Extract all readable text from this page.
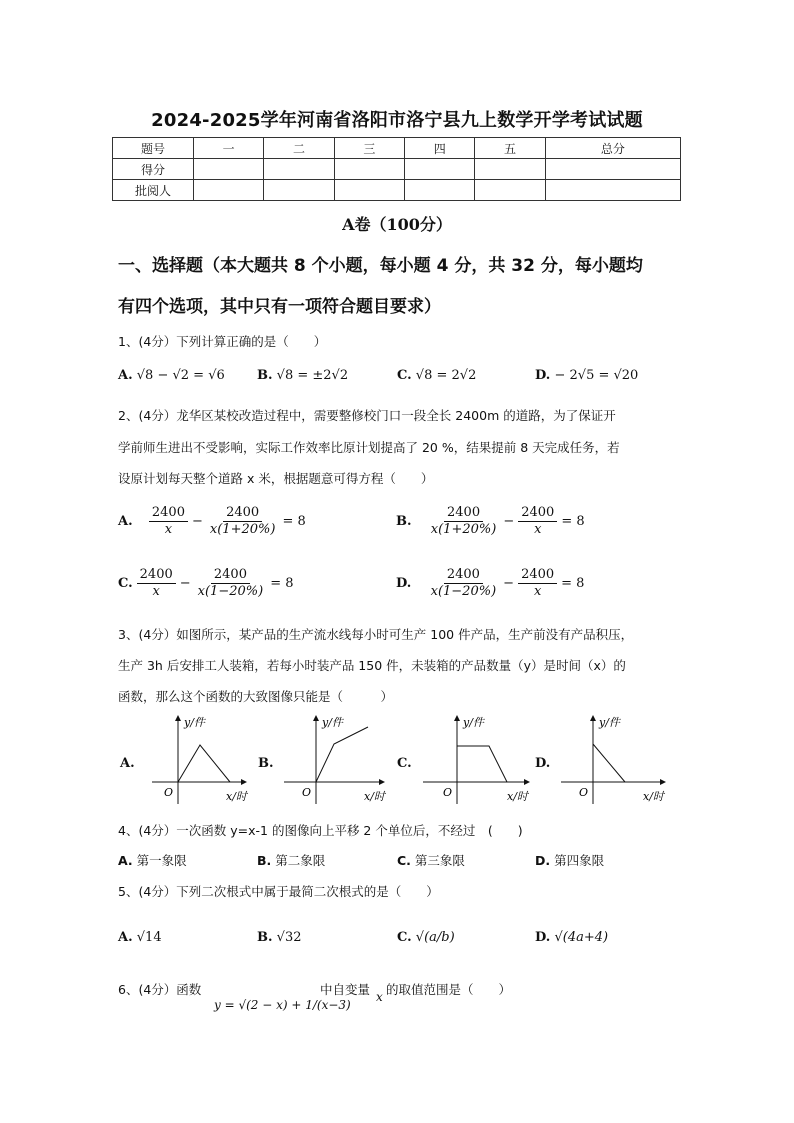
2024-2025学年河南省洛阳市洛宁县九上数学开学考试试题
题号	一	二	三	四	五	总分
得分						
批阅人						
A卷（100分）
一、选择题（本大题共 8 个小题，每小题 4 分，共 32 分，每小题均
有四个选项，其中只有一项符合题目要求）
1、(4分）下列计算正确的是（　　）
A. √8 − √2 = √6 B. √8 = ±2√2	C. √8 = 2√2	D. − 2√5 = √20
2、(4分）龙华区某校改造过程中，需要整修校门口一段全长 2400m 的道路，为了保证开
学前师生进出不受影响，实际工作效率比原计划提高了 20 %，结果提前 8 天完成任务，若
设原计划每天整个道路 x 米，根据题意可得方程（　　）
A.
$\frac{2400}{x} - \frac{2400}{x(1+20\%)} = 8$	B.
$\frac{2400}{x(1+20\%)} - \frac{2400}{x} = 8$
C. $\frac{2400}{x} - \frac{2400}{x(1-20\%)} = 8$	D.
$\frac{2400}{x(1-20\%)} - \frac{2400}{x} = 8$
3、(4分）如图所示，某产品的生产流水线每小时可生产 100 件产品，生产前没有产品积压，
生产 3h 后安排工人装箱，若每小时装产品 150 件，未装箱的产品数量（y）是时间（x）的
函数，那么这个函数的大致图像只能是（　　　）
A.
y/件
O	x/时
B.
y/件
O	x/时
C.
y/件
O	x/时
D.
y/件
O	x/时
4、(4分）一次函数 y=x-1 的图像向上平移 2 个单位后，不经过　(　　)
A. 第一象限	B. 第二象限	C. 第三象限	D. 第四象限
5、(4分）下列二次根式中属于最简二次根式的是（　　）
A. √14	B. √32	C. √(a/b)	D. √(4a+4)
6、(4分）函数
y = √(2 − x) + 1/(x−3)
中自变量 x 的取值范围是（　　）
